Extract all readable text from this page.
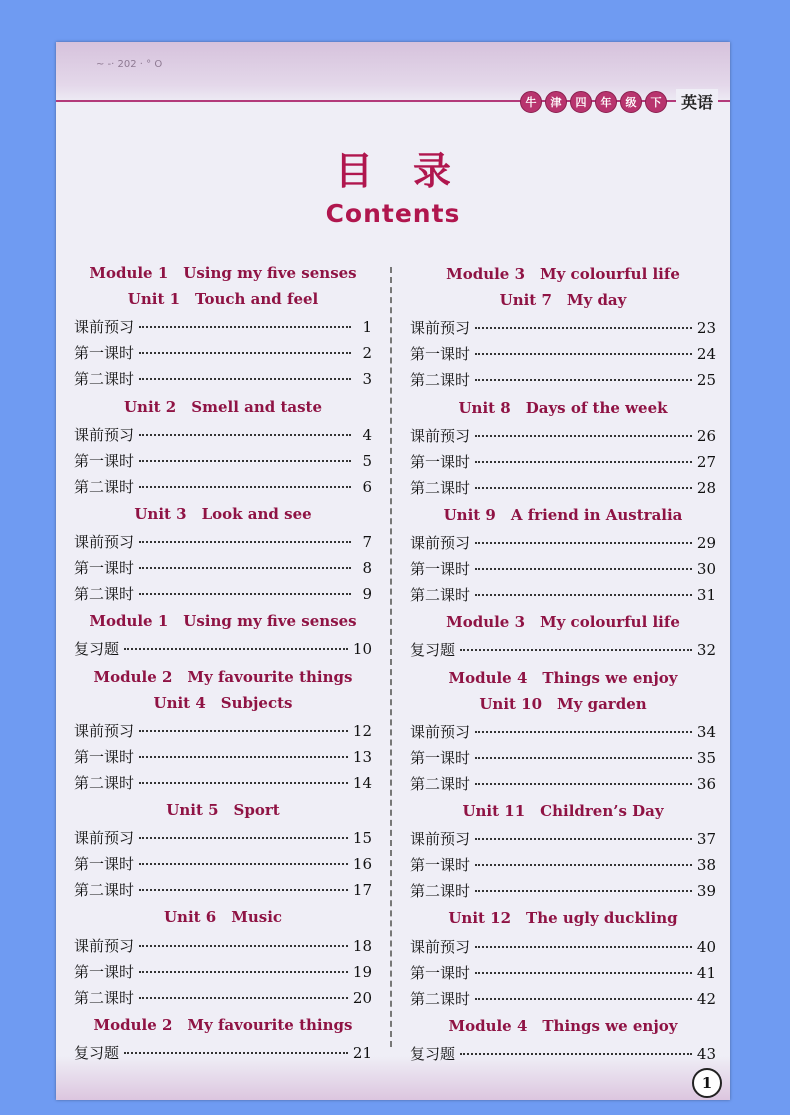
~ -· 202 · ° O
牛	津	四	年	级	下	英语
目录
Contents
Module 1 Using my five senses
Unit 1 Touch and feel
课前预习	1
第一课时	2
第二课时	3
Unit 2 Smell and taste
课前预习	4
第一课时	5
第二课时	6
Unit 3 Look and see
课前预习	7
第一课时	8
第二课时	9
Module 1 Using my five senses
复习题	10
Module 2 My favourite things
Unit 4 Subjects
课前预习	12
第一课时	13
第二课时	14
Unit 5 Sport
课前预习	15
第一课时	16
第二课时	17
Unit 6 Music
课前预习	18
第一课时	19
第二课时	20
Module 2 My favourite things
复习题	21
Module 3 My colourful life
Unit 7 My day
课前预习	23
第一课时	24
第二课时	25
Unit 8 Days of the week
课前预习	26
第一课时	27
第二课时	28
Unit 9 A friend in Australia
课前预习	29
第一课时	30
第二课时	31
Module 3 My colourful life
复习题	32
Module 4 Things we enjoy
Unit 10 My garden
课前预习	34
第一课时	35
第二课时	36
Unit 11 Children’s Day
课前预习	37
第一课时	38
第二课时	39
Unit 12 The ugly duckling
课前预习	40
第一课时	41
第二课时	42
Module 4 Things we enjoy
复习题	43
1
